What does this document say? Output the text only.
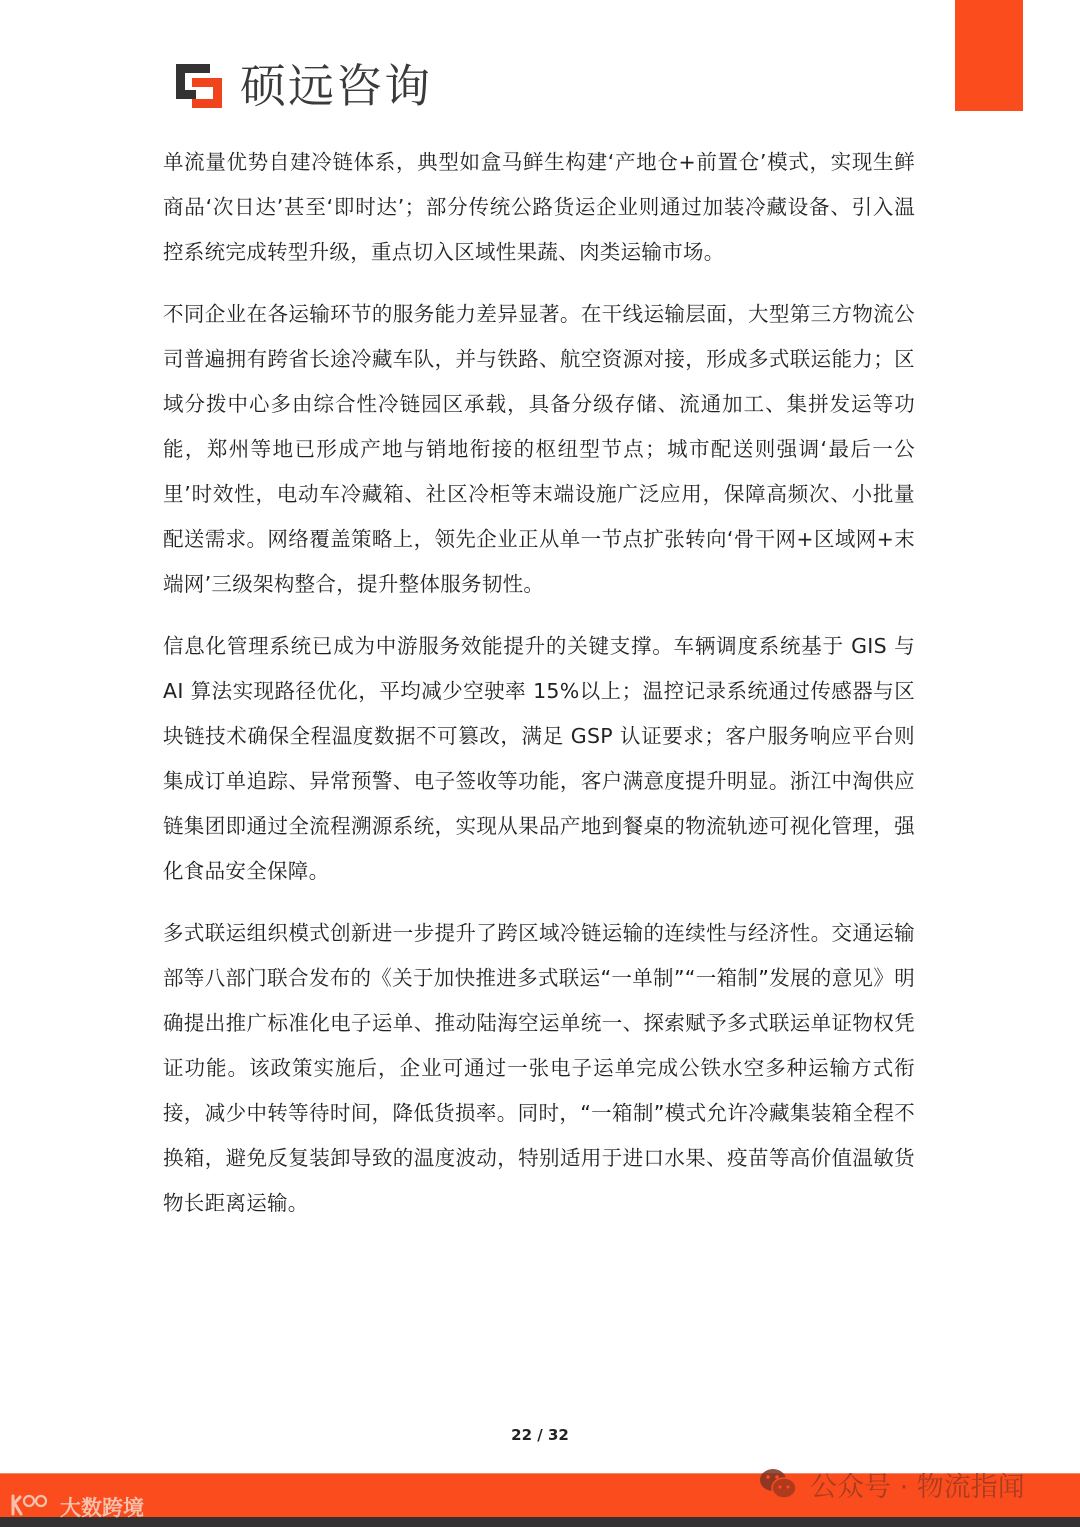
硕远咨询

单流量优势自建冷链体系，典型如盒马鲜生构建‘产地仓+前置仓’模式，实现生鲜商品‘次日达’甚至‘即时达’；部分传统公路货运企业则通过加装冷藏设备、引入温控系统完成转型升级，重点切入区域性果蔬、肉类运输市场。

不同企业在各运输环节的服务能力差异显著。在干线运输层面，大型第三方物流公司普遍拥有跨省长途冷藏车队，并与铁路、航空资源对接，形成多式联运能力；区域分拨中心多由综合性冷链园区承载，具备分级存储、流通加工、集拼发运等功能，郑州等地已形成产地与销地衔接的枢纽型节点；城市配送则强调‘最后一公里’时效性，电动车冷藏箱、社区冷柜等末端设施广泛应用，保障高频次、小批量配送需求。网络覆盖策略上，领先企业正从单一节点扩张转向‘骨干网+区域网+末端网’三级架构整合，提升整体服务韧性。

信息化管理系统已成为中游服务效能提升的关键支撑。车辆调度系统基于 GIS 与 AI 算法实现路径优化，平均减少空驶率 15%以上；温控记录系统通过传感器与区块链技术确保全程温度数据不可篡改，满足 GSP 认证要求；客户服务响应平台则集成订单追踪、异常预警、电子签收等功能，客户满意度提升明显。浙江中淘供应链集团即通过全流程溯源系统，实现从果品产地到餐桌的物流轨迹可视化管理，强化食品安全保障。

多式联运组织模式创新进一步提升了跨区域冷链运输的连续性与经济性。交通运输部等八部门联合发布的《关于加快推进多式联运“一单制”“一箱制”发展的意见》明确提出推广标准化电子运单、推动陆海空运单统一、探索赋予多式联运单证物权凭证功能。该政策实施后，企业可通过一张电子运单完成公铁水空多种运输方式衔接，减少中转等待时间，降低货损率。同时，“一箱制”模式允许冷藏集装箱全程不换箱，避免反复装卸导致的温度波动，特别适用于进口水果、疫苗等高价值温敏货物长距离运输。

22 / 32
大数跨境
公众号 · 物流指闻
